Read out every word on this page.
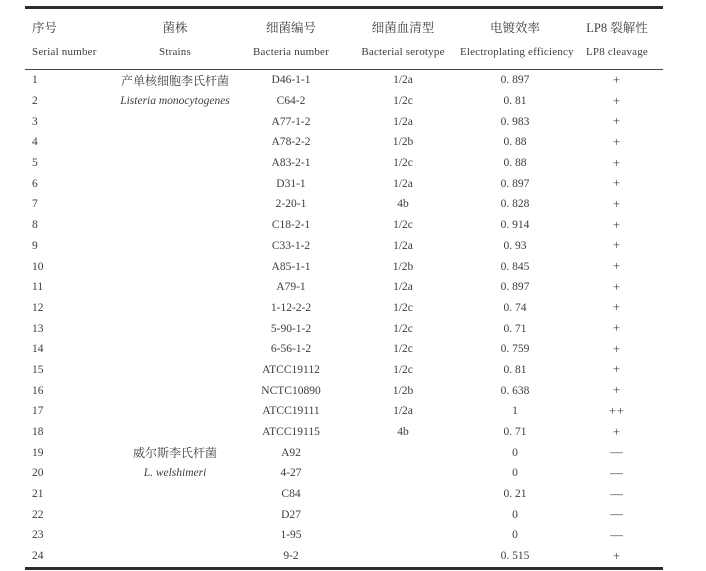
序号	菌株	细菌编号	细菌血清型	电镀效率	LP8 裂解性
Serial number	Strains	Bacteria number	Bacterial serotype	Electroplating efficiency	LP8 cleavage
1	产单核细胞李氏杆菌	D46-1-1	1/2a	0. 897	+
2	Listeria monocytogenes	C64-2	1/2c	0. 81	+
3		A77-1-2	1/2a	0. 983	+
4		A78-2-2	1/2b	0. 88	+
5		A83-2-1	1/2c	0. 88	+
6		D31-1	1/2a	0. 897	+
7		2-20-1	4b	0. 828	+
8		C18-2-1	1/2c	0. 914	+
9		C33-1-2	1/2a	0. 93	+
10		A85-1-1	1/2b	0. 845	+
11		A79-1	1/2a	0. 897	+
12		1-12-2-2	1/2c	0. 74	+
13		5-90-1-2	1/2c	0. 71	+
14		6-56-1-2	1/2c	0. 759	+
15		ATCC19112	1/2c	0. 81	+
16		NCTC10890	1/2b	0. 638	+
17		ATCC19111	1/2a	1	++
18		ATCC19115	4b	0. 71	+
19	威尔斯李氏杆菌	A92		0	—
20	L. welshimeri	4-27		0	—
21		C84		0. 21	—
22		D27		0	—
23		1-95		0	—
24		9-2		0. 515	+
